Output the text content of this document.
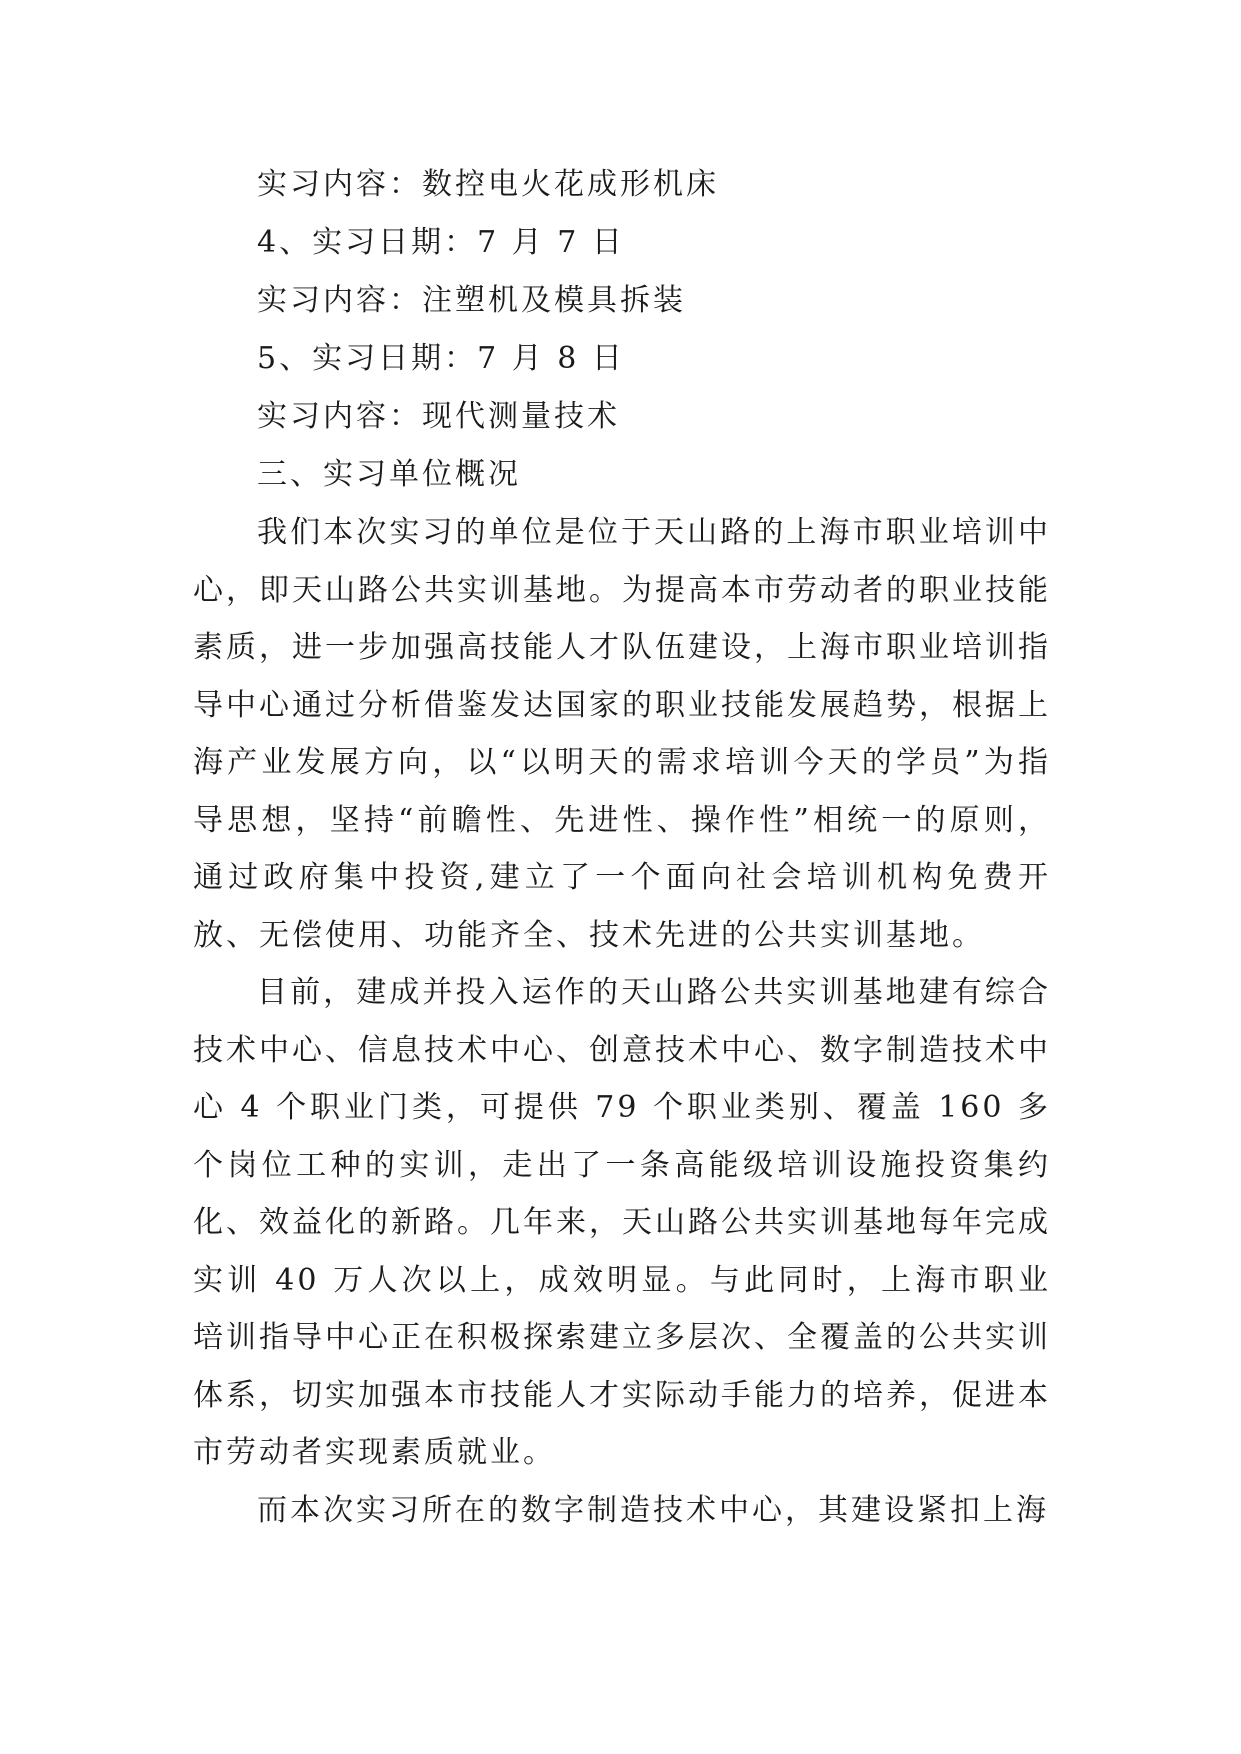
实习内容：数控电火花成形机床
4、实习日期：7 月 7 日
实习内容：注塑机及模具拆装
5、实习日期：7 月 8 日
实习内容：现代测量技术
三、实习单位概况

我们本次实习的单位是位于天山路的上海市职业培训中心，即天山路公共实训基地。为提高本市劳动者的职业技能素质，进一步加强高技能人才队伍建设，上海市职业培训指导中心通过分析借鉴发达国家的职业技能发展趋势，根据上海产业发展方向，以“以明天的需求培训今天的学员”为指导思想，坚持“前瞻性、先进性、操作性”相统一的原则，通过政府集中投资,建立了一个面向社会培训机构免费开放、无偿使用、功能齐全、技术先进的公共实训基地。

目前，建成并投入运作的天山路公共实训基地建有综合技术中心、信息技术中心、创意技术中心、数字制造技术中心 4 个职业门类，可提供 79 个职业类别、覆盖 160 多个岗位工种的实训，走出了一条高能级培训设施投资集约化、效益化的新路。几年来，天山路公共实训基地每年完成实训 40 万人次以上，成效明显。与此同时，上海市职业培训指导中心正在积极探索建立多层次、全覆盖的公共实训体系，切实加强本市技能人才实际动手能力的培养，促进本市劳动者实现素质就业。

而本次实习所在的数字制造技术中心，其建设紧扣上海
